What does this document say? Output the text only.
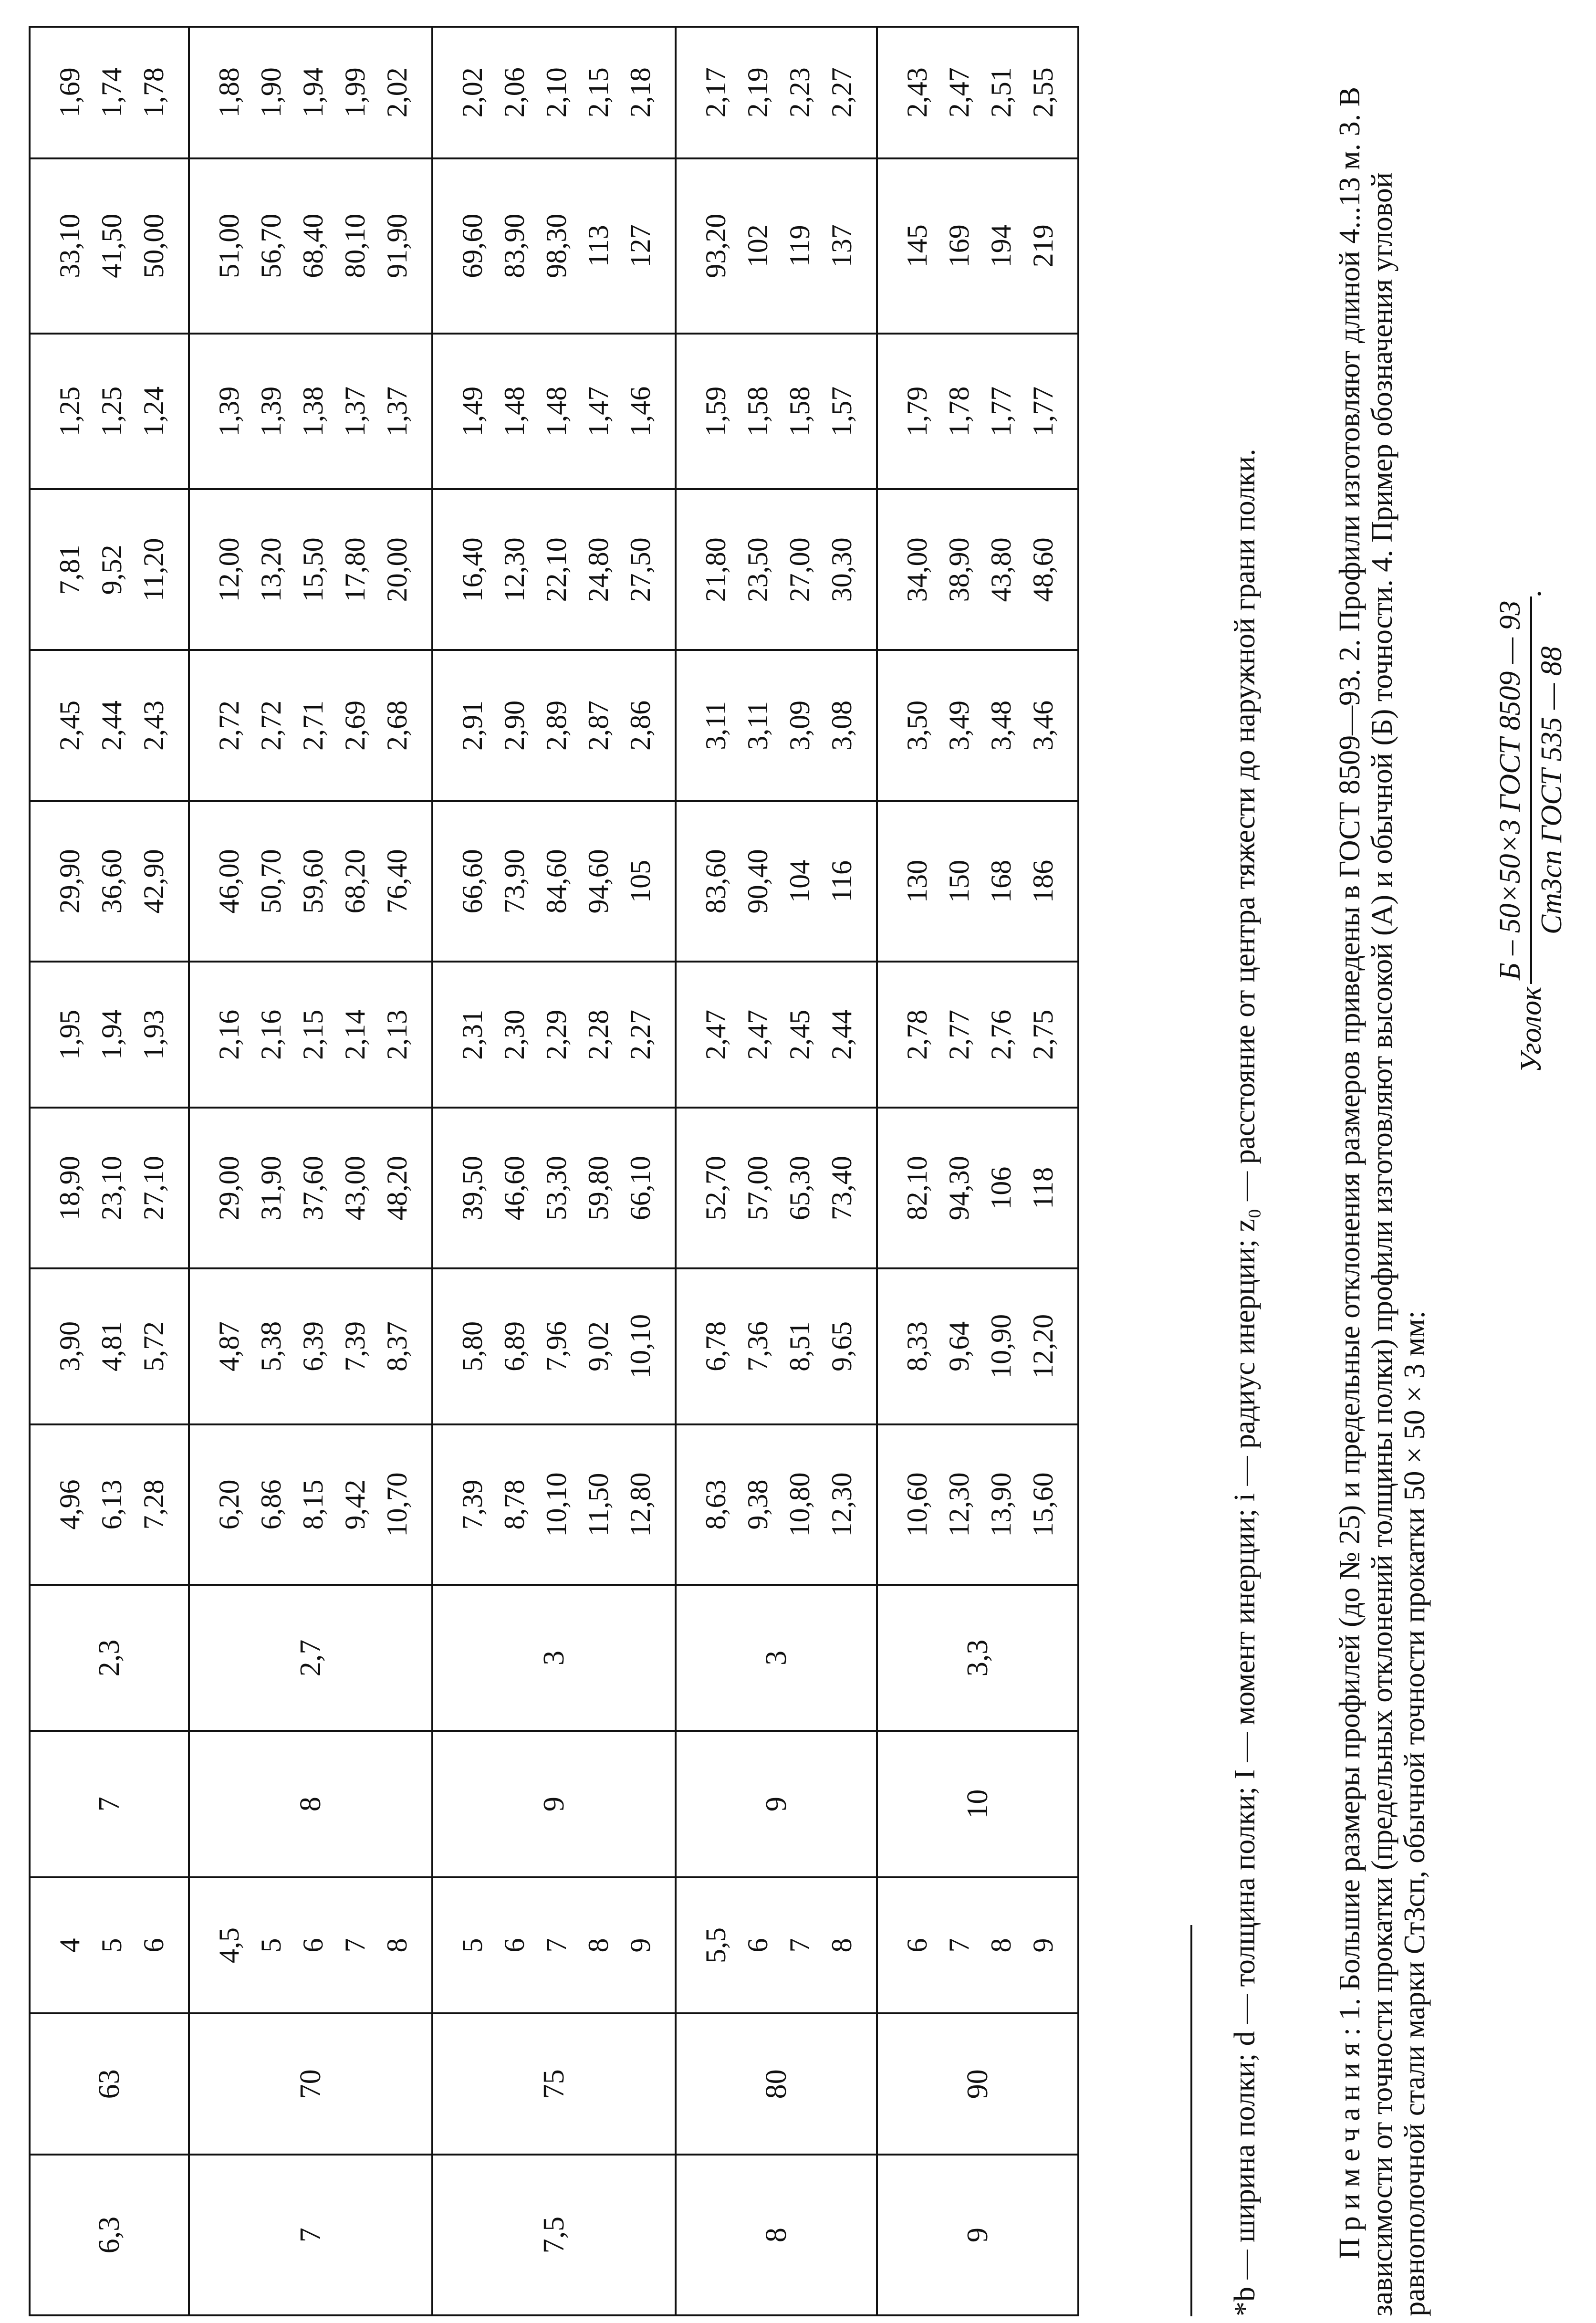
6,3	63	4	7	2,3	4,96	3,90	18,90	1,95	29,90	2,45	7,81	1,25	33,10	1,69
		5			6,13	4,81	23,10	1,94	36,60	2,44	9,52	1,25	41,50	1,74
		6			7,28	5,72	27,10	1,93	42,90	2,43	11,20	1,24	50,00	1,78
7	70	4,5	8	2,7	6,20	4,87	29,00	2,16	46,00	2,72	12,00	1,39	51,00	1,88
		5			6,86	5,38	31,90	2,16	50,70	2,72	13,20	1,39	56,70	1,90
		6			8,15	6,39	37,60	2,15	59,60	2,71	15,50	1,38	68,40	1,94
		7			9,42	7,39	43,00	2,14	68,20	2,69	17,80	1,37	80,10	1,99
		8			10,70	8,37	48,20	2,13	76,40	2,68	20,00	1,37	91,90	2,02
7,5	75	5	9	3	7,39	5,80	39,50	2,31	66,60	2,91	16,40	1,49	69,60	2,02
		6			8,78	6,89	46,60	2,30	73,90	2,90	12,30	1,48	83,90	2,06
		7			10,10	7,96	53,30	2,29	84,60	2,89	22,10	1,48	98,30	2,10
		8			11,50	9,02	59,80	2,28	94,60	2,87	24,80	1,47	113	2,15
		9			12,80	10,10	66,10	2,27	105	2,86	27,50	1,46	127	2,18
8	80	5,5	9	3	8,63	6,78	52,70	2,47	83,60	3,11	21,80	1,59	93,20	2,17
		6			9,38	7,36	57,00	2,47	90,40	3,11	23,50	1,58	102	2,19
		7			10,80	8,51	65,30	2,45	104	3,09	27,00	1,58	119	2,23
		8			12,30	9,65	73,40	2,44	116	3,08	30,30	1,57	137	2,27
9	90	6	10	3,3	10,60	8,33	82,10	2,78	130	3,50	34,00	1,79	145	2,43
		7			12,30	9,64	94,30	2,77	150	3,49	38,90	1,78	169	2,47
		8			13,90	10,90	106	2,76	168	3,48	43,80	1,77	194	2,51
		9			15,60	12,20	118	2,75	186	3,46	48,60	1,77	219	2,55
*b — ширина полки; d — толщина полки; I — момент инерции; i — радиус инерции; z₀ — расстояние от центра тяжести до наружной грани полки. Примечания: 1. Большие размеры профилей (до № 25) и предельные отклонения размеров приведены в ГОСТ 8509—93. 2. Профили изготовляют длиной 4...13 м. 3. В зависимости от точности прокатки (предельных отклонений толщины полки) профили изготовляют высокой (А) и обычной (Б) точности. 4. Пример обозначения угловой равнополочной стали марки Ст3сп, обычной точности прокатки 50 × 50 × 3 мм:
Уголок
Б – 50×50×3 ГОСТ 8509 — 93 Ст3сп ГОСТ 535 — 88
.
